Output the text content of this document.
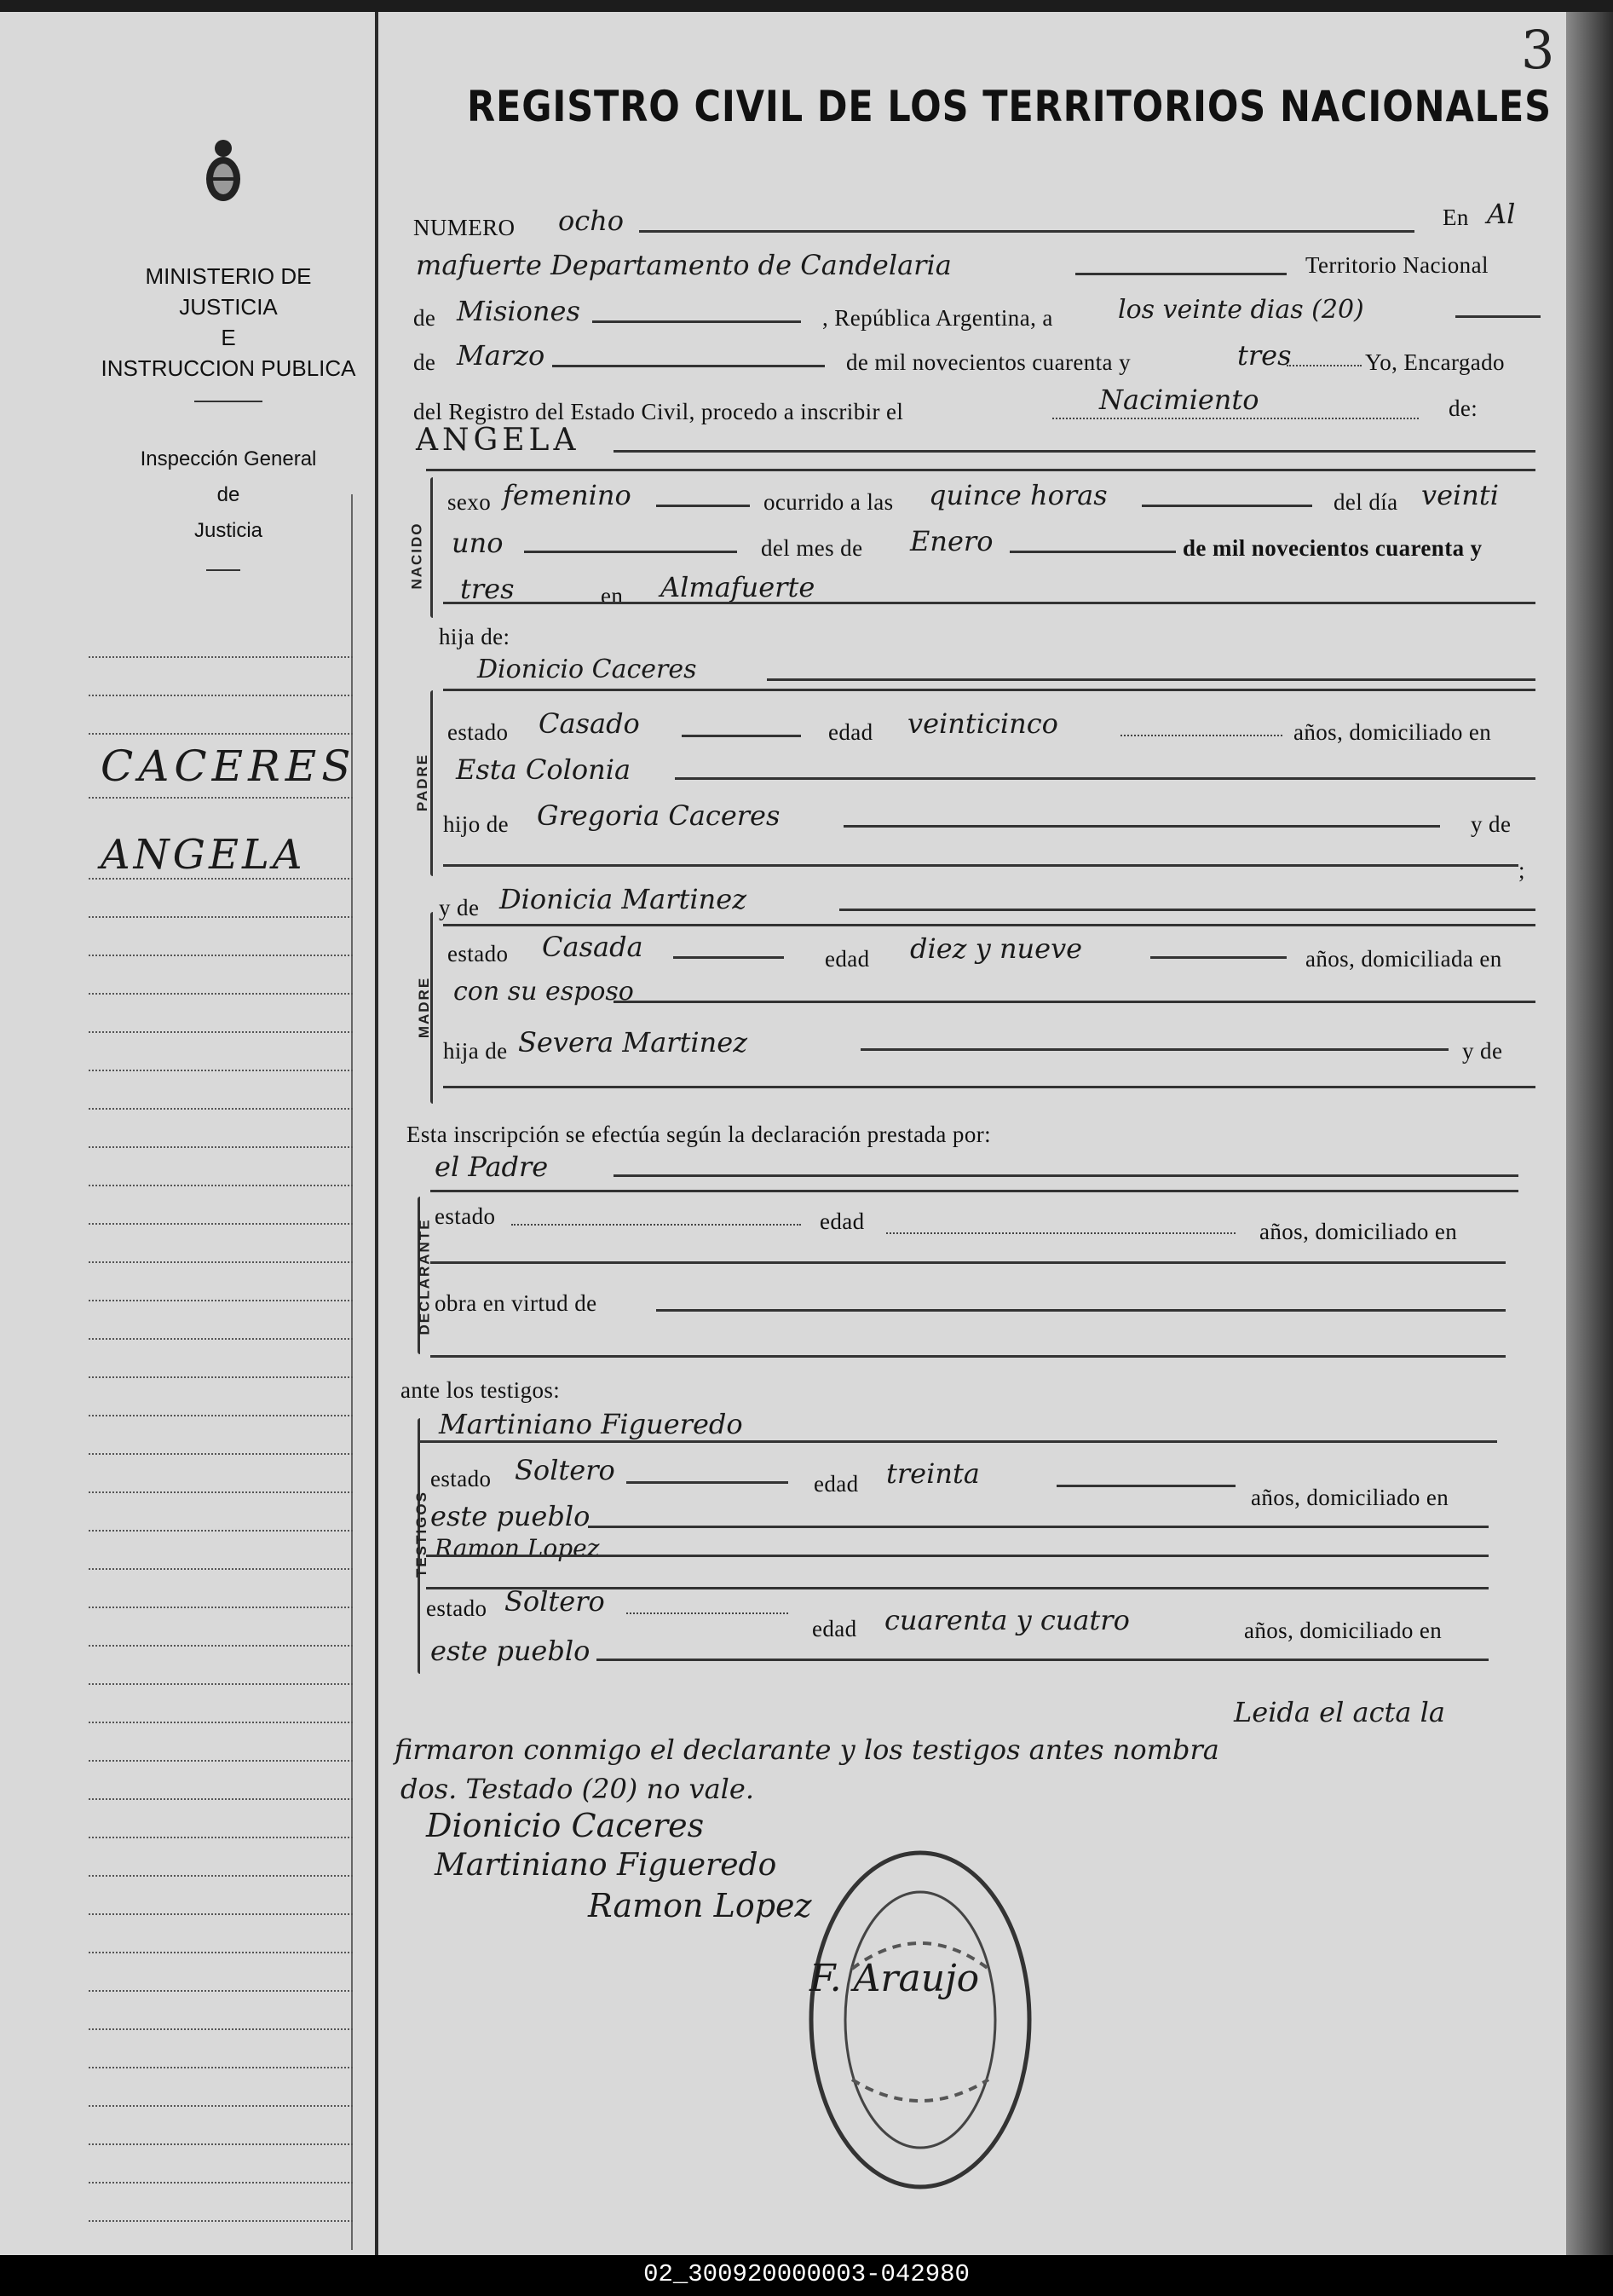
3
MINISTERIO DE JUSTICIA
E
INSTRUCCION PUBLICA
Inspección General
de
Justicia
CACERES
ANGELA
REGISTRO CIVIL DE LOS TERRITORIOS NACIONALES
NUMERO ocho	En Al
mafuerte Departamento de Candelaria	Territorio Nacional
de Misiones	, República Argentina, a	los veinte dias (20)
de Marzo	de mil novecientos cuarenta y	tres	Yo, Encargado
del Registro del Estado Civil, procedo a inscribir el	Nacimiento	de:
ANGELA
NACIDO
sexo femenino	ocurrido a las quince horas	del día veinti
uno	del mes de Enero	de mil novecientos cuarenta y
tres	en Almafuerte
hija de:
Dionicio Caceres
PADRE
estado Casado	edad veinticinco	años, domiciliado en
Esta Colonia
hijo de Gregoria Caceres	y de
;
y de Dionicia Martinez
MADRE
estado Casada	edad diez y nueve	años, domiciliada en
con su esposo
hija de Severa Martinez	y de
Esta inscripción se efectúa según la declaración prestada por:
el Padre
DECLARANTE
estado	edad	años, domiciliado en
obra en virtud de
ante los testigos:
Martiniano Figueredo
TESTIGOS
estado Soltero	edad treinta
años, domiciliado en
este pueblo
Ramon Lopez
estado Soltero
edad cuarenta y cuatro	años, domiciliado en
este pueblo
Leida el acta la
firmaron conmigo el declarante y los testigos antes nombra
dos. Testado (20) no vale.
Dionicio Caceres
Martiniano Figueredo
Ramon Lopez
F. Araujo
02_300920000003-042980
